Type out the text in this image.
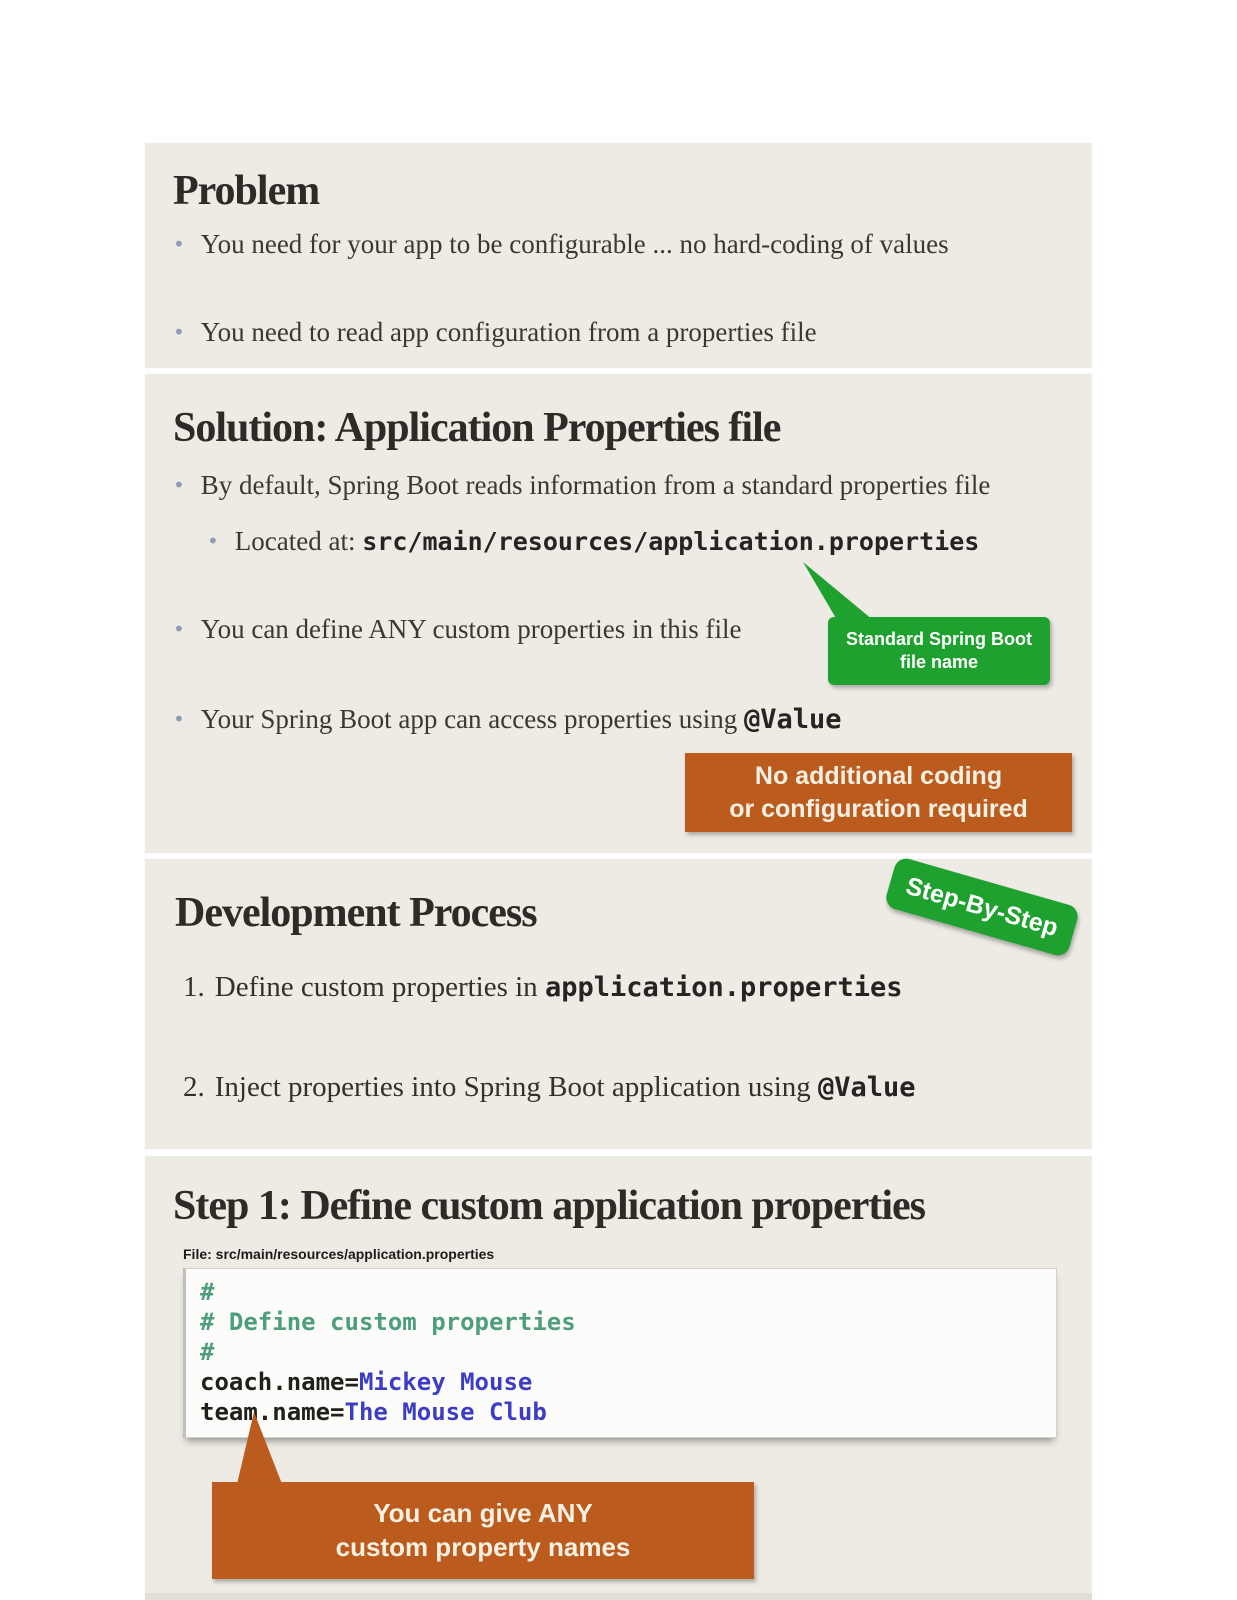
Problem
• You need for your app to be configurable ... no hard-coding of values
• You need to read app configuration from a properties file
Solution: Application Properties file
• By default, Spring Boot reads information from a standard properties file
• Located at: src/main/resources/application.properties
• You can define ANY custom properties in this file	Standard Spring Boot
file name
• Your Spring Boot app can access properties using @Value
No additional coding
or configuration required
Development Process	Step-By-Step
1. Define custom properties in application.properties
2. Inject properties into Spring Boot application using @Value
Step 1: Define custom application properties
File: src/main/resources/application.properties
#
# Define custom properties
#
coach.name=Mickey Mouse
team.name=The Mouse Club
You can give ANY
custom property names
